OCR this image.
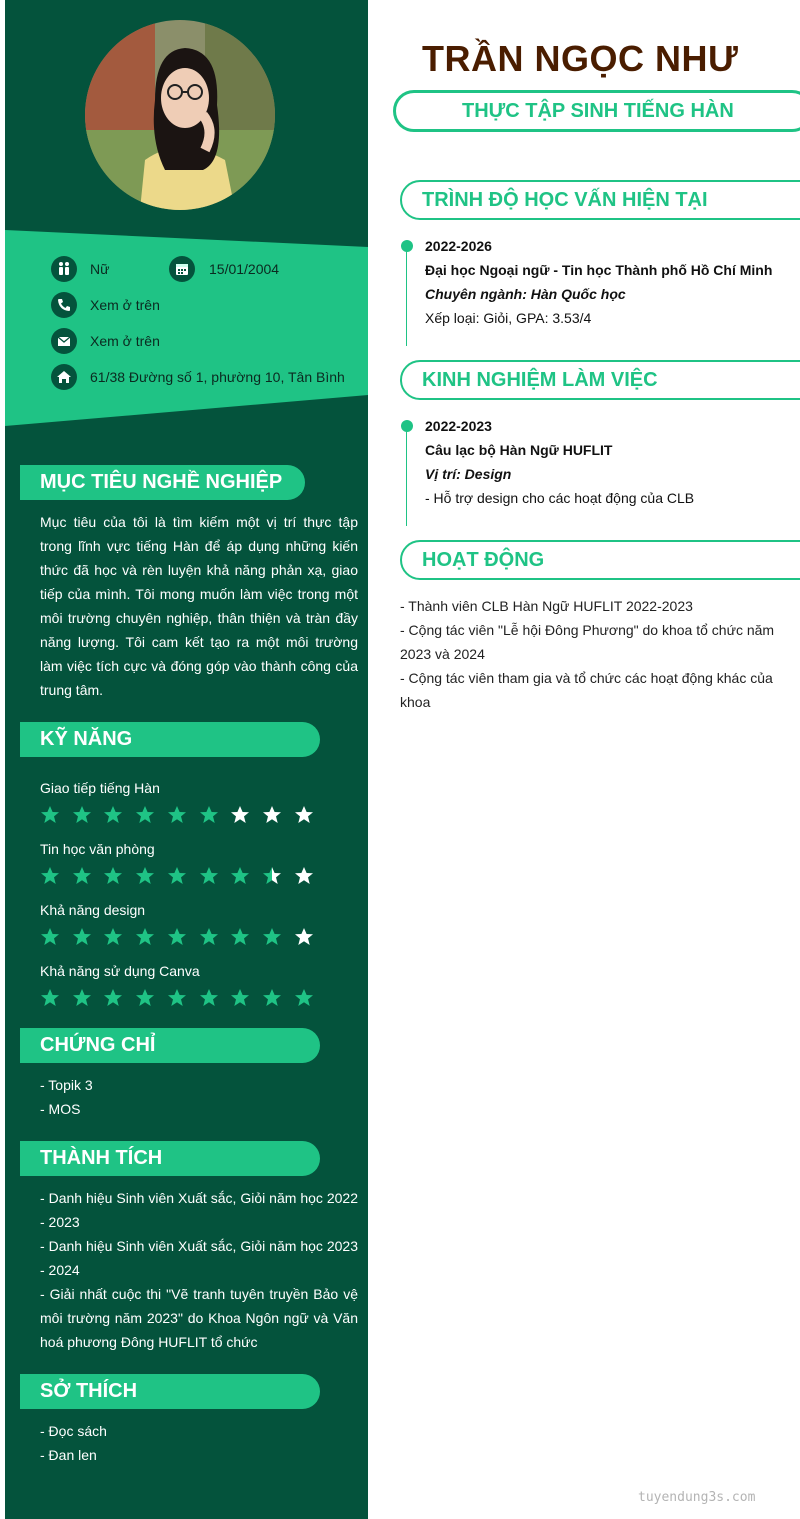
Nữ	15/01/2004
Xem ở trên
Xem ở trên
61/38 Đường số 1, phường 10, Tân Bình
MỤC TIÊU NGHỀ NGHIỆP

Mục tiêu của tôi là tìm kiếm một vị trí thực tập trong lĩnh vực tiếng Hàn để áp dụng những kiến thức đã học và rèn luyện khả năng phản xạ, giao tiếp của mình. Tôi mong muốn làm việc trong một môi trường chuyên nghiệp, thân thiện và tràn đầy năng lượng. Tôi cam kết tạo ra một môi trường làm việc tích cực và đóng góp vào thành công của trung tâm.

KỸ NĂNG
Giao tiếp tiếng Hàn
Tin học văn phòng
Khả năng design
Khả năng sử dụng Canva
CHỨNG CHỈ
- Topik 3
- MOS
THÀNH TÍCH
- Danh hiệu Sinh viên Xuất sắc, Giỏi năm học 2022 - 2023
- Danh hiệu Sinh viên Xuất sắc, Giỏi năm học 2023 - 2024
- Giải nhất cuộc thi "Vẽ tranh tuyên truyền Bảo vệ môi trường năm 2023" do Khoa Ngôn ngữ và Văn hoá phương Đông HUFLIT tổ chức
SỞ THÍCH
- Đọc sách
- Đan len
TRẦN NGỌC NHƯ
THỰC TẬP SINH TIẾNG HÀN
TRÌNH ĐỘ HỌC VẤN HIỆN TẠI
2022-2026
Đại học Ngoại ngữ - Tin học Thành phố Hồ Chí Minh
Chuyên ngành: Hàn Quốc học
Xếp loại: Giỏi, GPA: 3.53/4
KINH NGHIỆM LÀM VIỆC
2022-2023
Câu lạc bộ Hàn Ngữ HUFLIT
Vị trí: Design
- Hỗ trợ design cho các hoạt động của CLB
HOẠT ĐỘNG
- Thành viên CLB Hàn Ngữ HUFLIT 2022-2023
- Cộng tác viên "Lễ hội Đông Phương" do khoa tổ chức năm 2023 và 2024
- Cộng tác viên tham gia và tổ chức các hoạt động khác của khoa
tuyendung3s.com
